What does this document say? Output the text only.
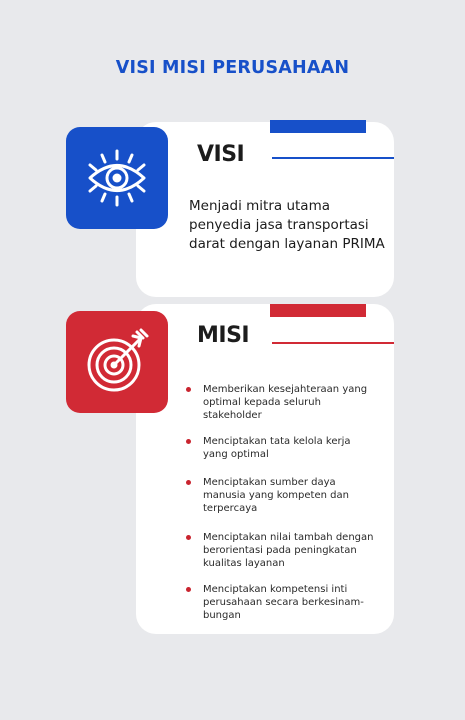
VISI MISI PERUSAHAAN
VISI
Menjadi mitra utama penyedia jasa transportasi darat dengan layanan PRIMA
MISI
Memberikan kesejahteraan yang optimal kepada seluruh stakeholder
Menciptakan tata kelola kerja yang optimal
Menciptakan sumber daya manusia yang kompeten dan terpercaya
Menciptakan nilai tambah dengan berorientasi pada peningkatan kualitas layanan
Menciptakan kompetensi inti perusahaan secara berkesinam-bungan
